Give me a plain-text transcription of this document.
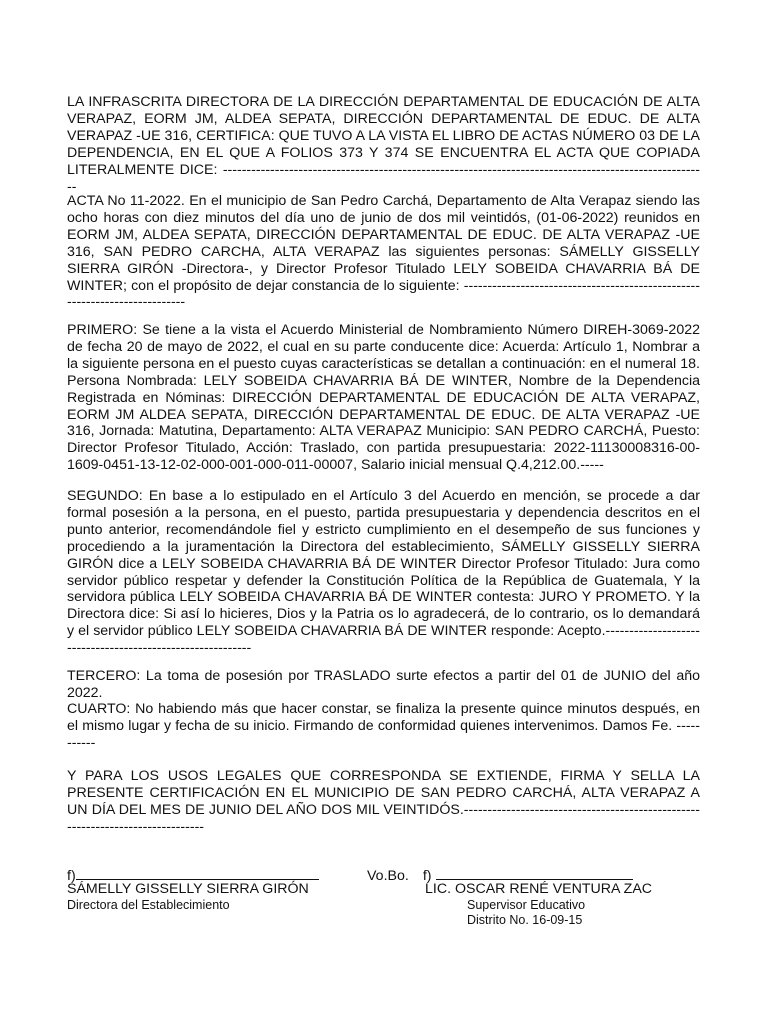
LA INFRASCRITA DIRECTORA DE LA DIRECCIÓN DEPARTAMENTAL DE EDUCACIÓN DE ALTA VERAPAZ, EORM JM, ALDEA SEPATA, DIRECCIÓN DEPARTAMENTAL DE EDUC. DE ALTA VERAPAZ -UE 316, CERTIFICA: QUE TUVO A LA VISTA EL LIBRO DE ACTAS NÚMERO 03 DE LA DEPENDENCIA, EN EL QUE A FOLIOS 373 Y 374 SE ENCUENTRA EL ACTA QUE COPIADA LITERALMENTE DICE: -------------------------------------------------------------------------------------------------------

ACTA No 11-2022. En el municipio de San Pedro Carchá, Departamento de Alta Verapaz siendo las ocho horas con diez minutos del día uno de junio de dos mil veintidós, (01-06-2022) reunidos en EORM JM, ALDEA SEPATA, DIRECCIÓN DEPARTAMENTAL DE EDUC. DE ALTA VERAPAZ -UE 316, SAN PEDRO CARCHA, ALTA VERAPAZ las siguientes personas: SÁMELLY GISSELLY SIERRA GIRÓN -Directora-, y Director Profesor Titulado LELY SOBEIDA CHAVARRIA BÁ DE WINTER; con el propósito de dejar constancia de lo siguiente: ---------------------------------------------------------------------------

PRIMERO: Se tiene a la vista el Acuerdo Ministerial de Nombramiento Número DIREH-3069-2022 de fecha 20 de mayo de 2022, el cual en su parte conducente dice: Acuerda: Artículo 1, Nombrar a la siguiente persona en el puesto cuyas características se detallan a continuación: en el numeral 18. Persona Nombrada: LELY SOBEIDA CHAVARRIA BÁ DE WINTER, Nombre de la Dependencia Registrada en Nóminas: DIRECCIÓN DEPARTAMENTAL DE EDUCACIÓN DE ALTA VERAPAZ, EORM JM ALDEA SEPATA, DIRECCIÓN DEPARTAMENTAL DE EDUC. DE ALTA VERAPAZ -UE 316, Jornada: Matutina, Departamento: ALTA VERAPAZ Municipio: SAN PEDRO CARCHÁ, Puesto: Director Profesor Titulado, Acción: Traslado, con partida presupuestaria: 2022-11130008316-00-1609-0451-13-12-02-000-001-000-011-00007, Salario inicial mensual Q.4,212.00.-----

SEGUNDO: En base a lo estipulado en el Artículo 3 del Acuerdo en mención, se procede a dar formal posesión a la persona, en el puesto, partida presupuestaria y dependencia descritos en el punto anterior, recomendándole fiel y estricto cumplimiento en el desempeño de sus funciones y procediendo a la juramentación la Directora del establecimiento, SÁMELLY GISSELLY SIERRA GIRÓN dice a LELY SOBEIDA CHAVARRIA BÁ DE WINTER Director Profesor Titulado: Jura como servidor público respetar y defender la Constitución Política de la República de Guatemala, Y la servidora pública LELY SOBEIDA CHAVARRIA BÁ DE WINTER contesta: JURO Y PROMETO. Y la Directora dice: Si así lo hicieres, Dios y la Patria os lo agradecerá, de lo contrario, os lo demandará y el servidor público LELY SOBEIDA CHAVARRIA BÁ DE WINTER responde: Acepto.-----------------------------------------------------------

TERCERO: La toma de posesión por TRASLADO surte efectos a partir del 01 de JUNIO del año 2022.

CUARTO: No habiendo más que hacer constar, se finaliza la presente quince minutos después, en el mismo lugar y fecha de su inicio. Firmando de conformidad quienes intervenimos. Damos Fe. -----------

Y PARA LOS USOS LEGALES QUE CORRESPONDA SE EXTIENDE, FIRMA Y SELLA LA PRESENTE CERTIFICACIÓN EN EL MUNICIPIO DE SAN PEDRO CARCHÁ, ALTA VERAPAZ A UN DÍA DEL MES DE JUNIO DEL AÑO DOS MIL VEINTIDÓS.-------------------------------------------------------------------------------

f)
SÁMELLY GISSELLY SIERRA GIRÓN
Directora del Establecimiento
Vo.Bo. f)
LIC. OSCAR RENÉ VENTURA ZAC
Supervisor Educativo
Distrito No. 16-09-15
